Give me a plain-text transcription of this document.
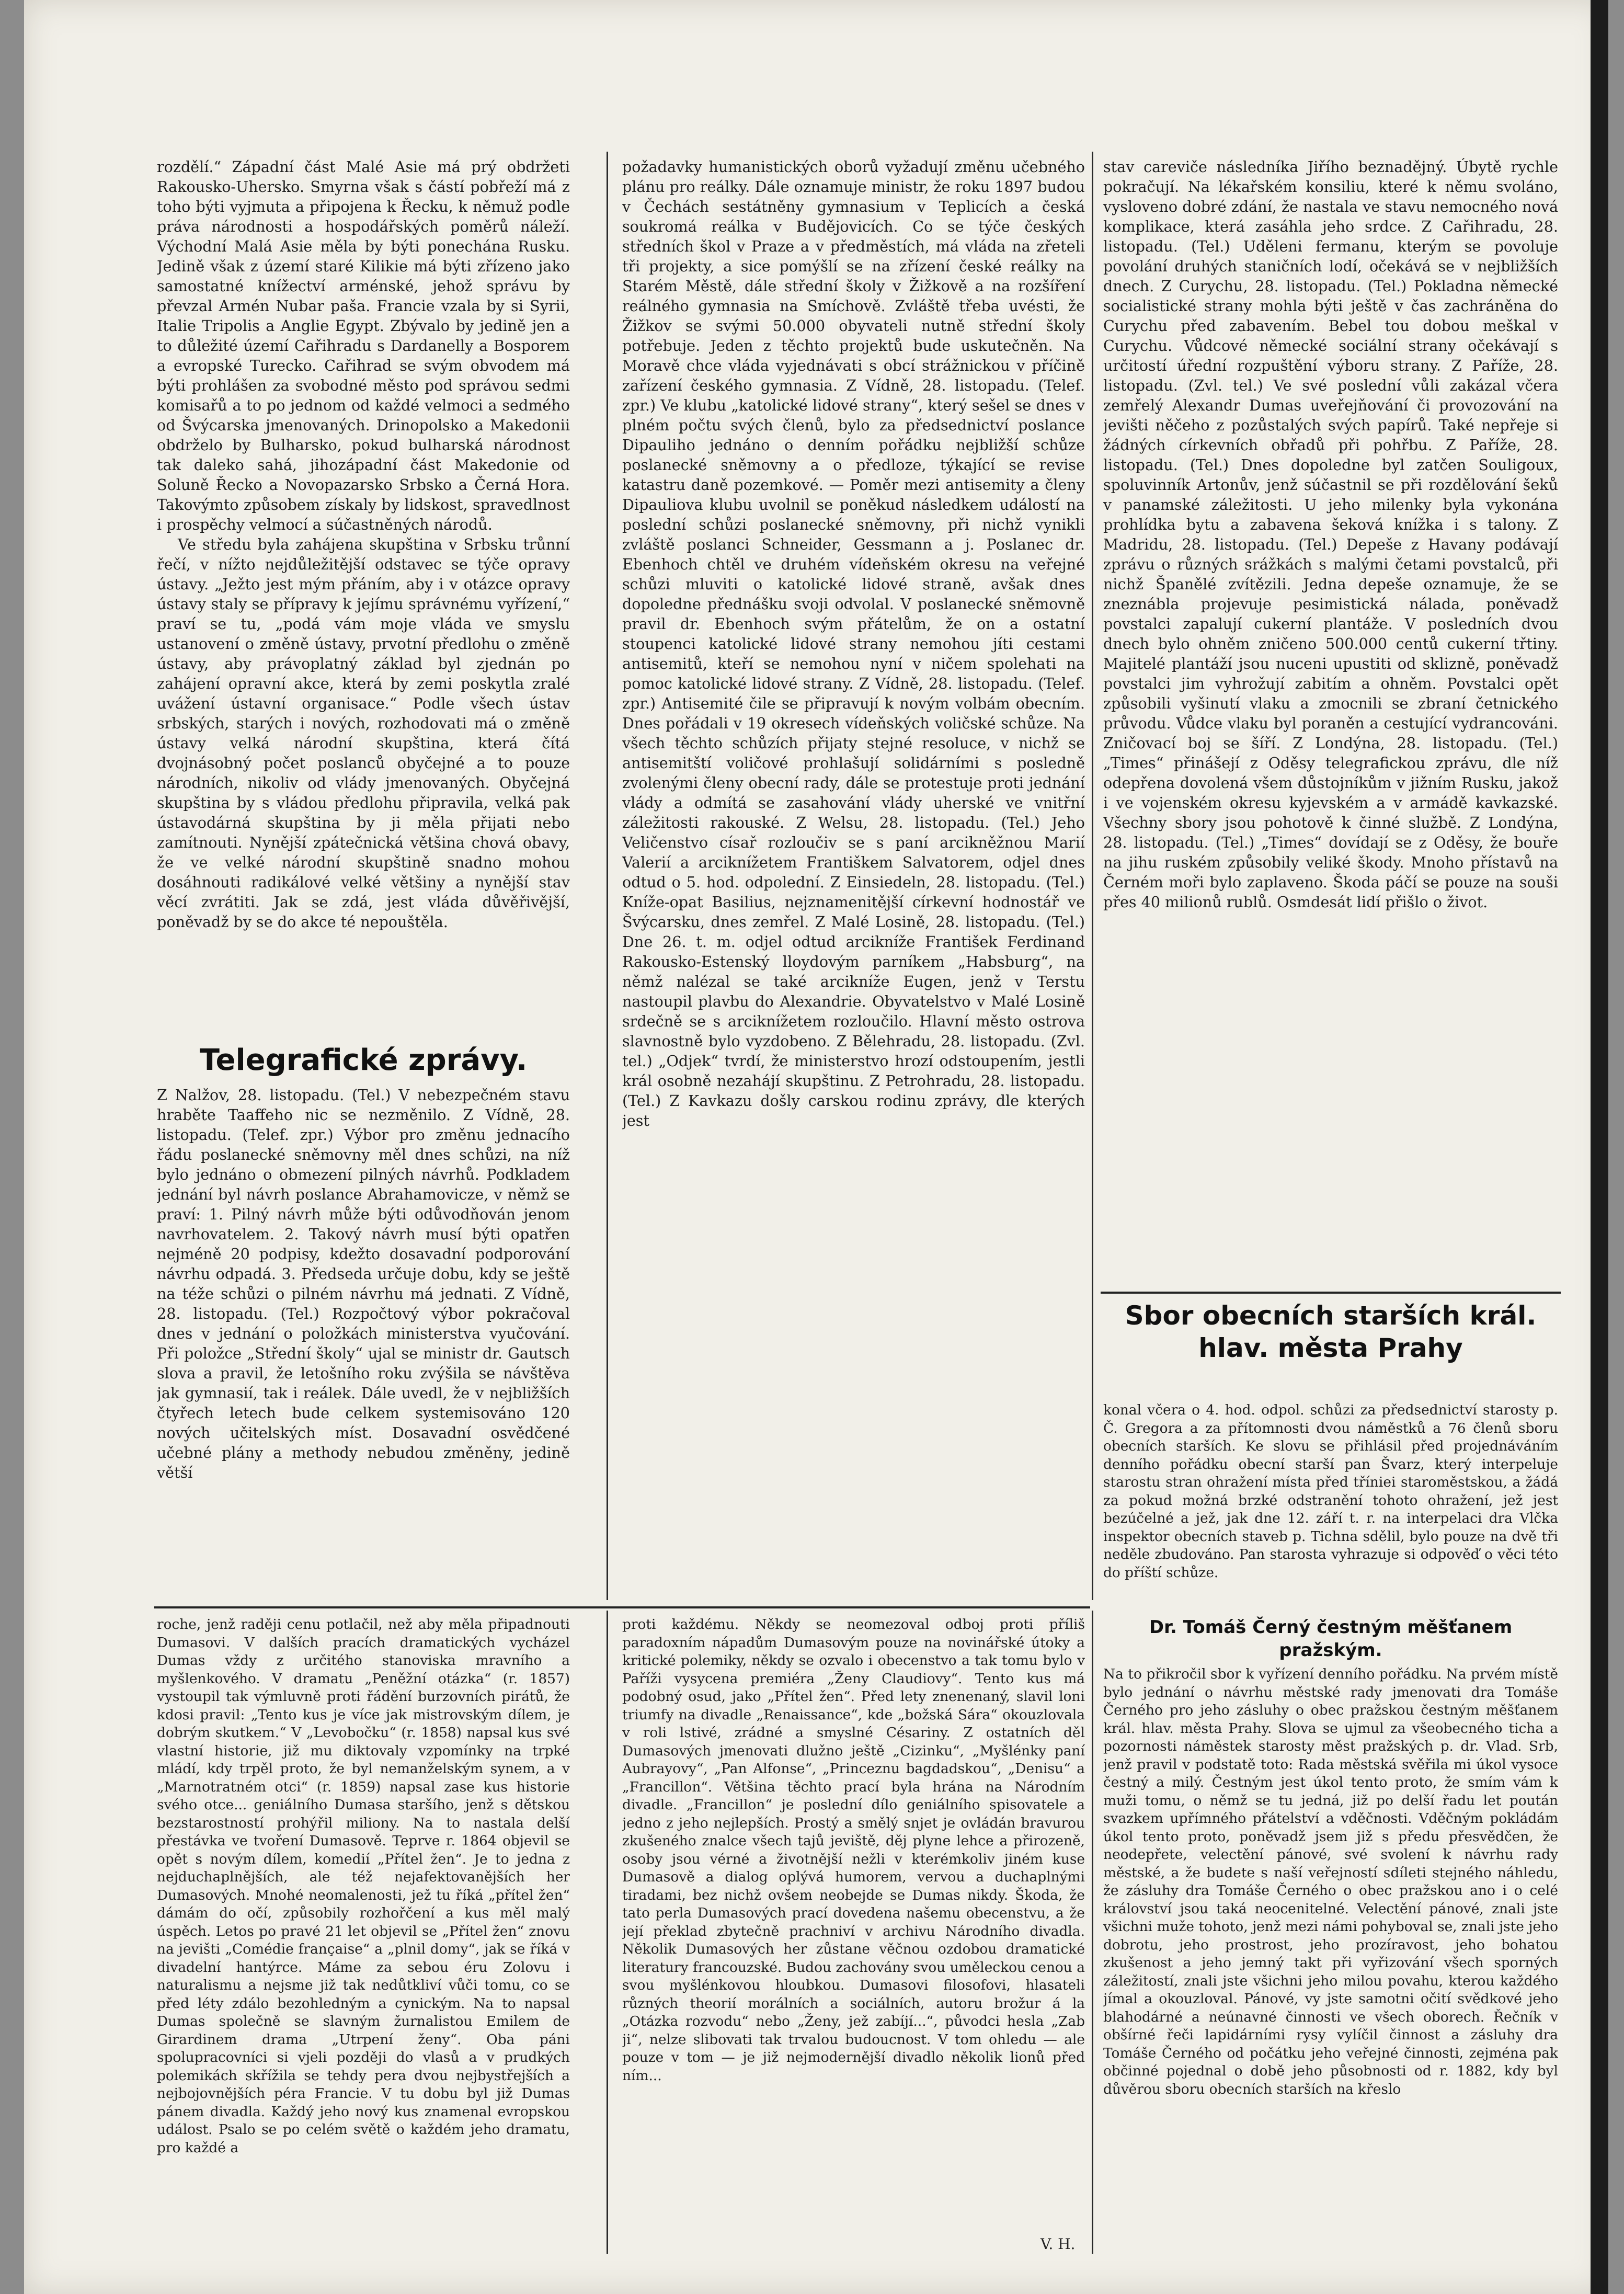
rozdělí.“ Západní část Malé Asie má prý obdržeti Rakousko-Uhersko. Smyrna však s částí pobřeží má z toho býti vyjmuta a připojena k Řecku, k němuž podle práva národnosti a hospodářských poměrů náleží. Východní Malá Asie měla by býti ponechána Rusku. Jedině však z území staré Kilikie má býti zřízeno jako samostatné knížectví arménské, jehož správu by převzal Armén Nubar paša. Francie vzala by si Syrii, Italie Tripolis a Anglie Egypt. Zbývalo by jedině jen a to důležité území Cařihradu s Dardanelly a Bosporem a evropské Turecko. Cařihrad se svým obvodem má býti prohlášen za svobodné město pod správou sedmi komisařů a to po jednom od každé velmoci a sedmého od Švýcarska jmenovaných. Drinopolsko a Makedonii obdrželo by Bulharsko, pokud bulharská národnost tak daleko sahá, jihozápadní část Makedonie od Soluně Řecko a Novopazarsko Srbsko a Černá Hora. Takovýmto způsobem získaly by lidskost, spravedlnost i prospěchy velmocí a súčastněných národů.

Ve středu byla zahájena skupština v Srbsku trůnní řečí, v nížto nejdůležitější odstavec se týče opravy ústavy. „Ježto jest mým přáním, aby i v otázce opravy ústavy staly se přípravy k jejímu správnému vyřízení,“ praví se tu, „podá vám moje vláda ve smyslu ustanovení o změně ústavy, prvotní předlohu o změně ústavy, aby právoplatný základ byl zjednán po zahájení opravní akce, která by zemi poskytla zralé uvážení ústavní organisace.“ Podle všech ústav srbských, starých i nových, rozhodovati má o změně ústavy velká národní skupština, která čítá dvojnásobný počet poslanců obyčejné a to pouze národních, nikoliv od vlády jmenovaných. Obyčejná skupština by s vládou předlohu připravila, velká pak ústavodárná skupština by ji měla přijati nebo zamítnouti. Nynější zpátečnická většina chová obavy, že ve velké národní skupštině snadno mohou dosáhnouti radikálové velké většiny a nynější stav věcí zvrátiti. Jak se zdá, jest vláda důvěřivější, poněvadž by se do akce té nepouštěla.

Telegrafické zprávy.

Z Nalžov, 28. listopadu. (Tel.) V nebezpečném stavu hraběte Taaffeho nic se nezměnilo. Z Vídně, 28. listopadu. (Telef. zpr.) Výbor pro změnu jednacího řádu poslanecké sněmovny měl dnes schůzi, na níž bylo jednáno o obmezení pilných návrhů. Podkladem jednání byl návrh poslance Abrahamovicze, v němž se praví: 1. Pilný návrh může býti odůvodňován jenom navrhovatelem. 2. Takový návrh musí býti opatřen nejméně 20 podpisy, kdežto dosavadní podporování návrhu odpadá. 3. Předseda určuje dobu, kdy se ještě na téže schůzi o pilném návrhu má jednati. Z Vídně, 28. listopadu. (Tel.) Rozpočtový výbor pokračoval dnes v jednání o položkách ministerstva vyučování. Při položce „Střední školy“ ujal se ministr dr. Gautsch slova a pravil, že letošního roku zvýšila se návštěva jak gymnasií, tak i reálek. Dále uvedl, že v nejbližších čtyřech letech bude celkem systemisováno 120 nových učitelských míst. Dosavadní osvědčené učebné plány a methody nebudou změněny, jedině větší

požadavky humanistických oborů vyžadují změnu učebného plánu pro reálky. Dále oznamuje ministr, že roku 1897 budou v Čechách sestátněny gymnasium v Teplicích a česká soukromá reálka v Budějovicích. Co se týče českých středních škol v Praze a v předměstích, má vláda na zřeteli tři projekty, a sice pomýšlí se na zřízení české reálky na Starém Městě, dále střední školy v Žižkově a na rozšíření reálného gymnasia na Smíchově. Zvláště třeba uvésti, že Žižkov se svými 50.000 obyvateli nutně střední školy potřebuje. Jeden z těchto projektů bude uskutečněn. Na Moravě chce vláda vyjednávati s obcí strážnickou v příčině zařízení českého gymnasia. Z Vídně, 28. listopadu. (Telef. zpr.) Ve klubu „katolické lidové strany“, který sešel se dnes v plném počtu svých členů, bylo za předsednictví poslance Dipauliho jednáno o denním pořádku nejbližší schůze poslanecké sněmovny a o předloze, týkající se revise katastru daně pozemkové. — Poměr mezi antisemity a členy Dipauliova klubu uvolnil se poněkud následkem událostí na poslední schůzi poslanecké sněmovny, při nichž vynikli zvláště poslanci Schneider, Gessmann a j. Poslanec dr. Ebenhoch chtěl ve druhém vídeňském okresu na veřejné schůzi mluviti o katolické lidové straně, avšak dnes dopoledne přednášku svoji odvolal. V poslanecké sněmovně pravil dr. Ebenhoch svým přátelům, že on a ostatní stoupenci katolické lidové strany nemohou jíti cestami antisemitů, kteří se nemohou nyní v ničem spolehati na pomoc katolické lidové strany. Z Vídně, 28. listopadu. (Telef. zpr.) Antisemité čile se připravují k novým volbám obecním. Dnes pořádali v 19 okresech vídeňských voličské schůze. Na všech těchto schůzích přijaty stejné resoluce, v nichž se antisemitští voličové prohlašují solidárními s posledně zvolenými členy obecní rady, dále se protestuje proti jednání vlády a odmítá se zasahování vlády uherské ve vnitřní záležitosti rakouské. Z Welsu, 28. listopadu. (Tel.) Jeho Veličenstvo císař rozloučiv se s paní arcikněžnou Marií Valerií a arciknížetem Františkem Salvatorem, odjel dnes odtud o 5. hod. odpolední. Z Einsiedeln, 28. listopadu. (Tel.) Kníže-opat Basilius, nejznamenitější církevní hodnostář ve Švýcarsku, dnes zemřel. Z Malé Losině, 28. listopadu. (Tel.) Dne 26. t. m. odjel odtud arcikníže František Ferdinand Rakousko-Estenský lloydovým parníkem „Habsburg“, na němž nalézal se také arcikníže Eugen, jenž v Terstu nastoupil plavbu do Alexandrie. Obyvatelstvo v Malé Losině srdečně se s arciknížetem rozloučilo. Hlavní město ostrova slavnostně bylo vyzdobeno. Z Bělehradu, 28. listopadu. (Zvl. tel.) „Odjek“ tvrdí, že ministerstvo hrozí odstoupením, jestli král osobně nezahájí skupštinu. Z Petrohradu, 28. listopadu. (Tel.) Z Kavkazu došly carskou rodinu zprávy, dle kterých jest

stav careviče následníka Jiřího beznadějný. Úbytě rychle pokračují. Na lékařském konsiliu, které k němu svoláno, vysloveno dobré zdání, že nastala ve stavu nemocného nová komplikace, která zasáhla jeho srdce. Z Cařihradu, 28. listopadu. (Tel.) Uděleni fermanu, kterým se povoluje povolání druhých staničních lodí, očekává se v nejbližších dnech. Z Curychu, 28. listopadu. (Tel.) Pokladna německé socialistické strany mohla býti ještě v čas zachráněna do Curychu před zabavením. Bebel tou dobou meškal v Curychu. Vůdcové německé sociální strany očekávají s určitostí úřední rozpuštění výboru strany. Z Paříže, 28. listopadu. (Zvl. tel.) Ve své poslední vůli zakázal včera zemřelý Alexandr Dumas uveřejňování či provozování na jevišti něčeho z pozůstalých svých papírů. Také nepřeje si žádných církevních obřadů při pohřbu. Z Paříže, 28. listopadu. (Tel.) Dnes dopoledne byl zatčen Souligoux, spoluvinník Artonův, jenž súčastnil se při rozdělování šeků v panamské záležitosti. U jeho milenky byla vykonána prohlídka bytu a zabavena šeková knížka i s talony. Z Madridu, 28. listopadu. (Tel.) Depeše z Havany podávají zprávu o různých srážkách s malými četami povstalců, při nichž Španělé zvítězili. Jedna depeše oznamuje, že se zneznábla projevuje pesimistická nálada, poněvadž povstalci zapalují cukerní plantáže. V posledních dvou dnech bylo ohněm zničeno 500.000 centů cukerní třtiny. Majitelé plantáží jsou nuceni upustiti od sklizně, poněvadž povstalci jim vyhrožují zabitím a ohněm. Povstalci opět způsobili vyšinutí vlaku a zmocnili se zbraní četnického průvodu. Vůdce vlaku byl poraněn a cestující vydrancováni. Zničovací boj se šíří. Z Londýna, 28. listopadu. (Tel.) „Times“ přinášejí z Oděsy telegrafickou zprávu, dle níž odepřena dovolená všem důstojníkům v jižním Rusku, jakož i ve vojenském okresu kyjevském a v armádě kavkazské. Všechny sbory jsou pohotově k činné službě. Z Londýna, 28. listopadu. (Tel.) „Times“ dovídají se z Oděsy, že bouře na jihu ruském způsobily veliké škody. Mnoho přístavů na Černém moři bylo zaplaveno. Škoda páčí se pouze na souši přes 40 milionů rublů. Osmdesát lidí přišlo o život.

Sbor obecních starších král. hlav. města Prahy

konal včera o 4. hod. odpol. schůzi za předsednictví starosty p. Č. Gregora a za přítomnosti dvou náměstků a 76 členů sboru obecních starších. Ke slovu se přihlásil před projednáváním denního pořádku obecní starší pan Švarz, který interpeluje starostu stran ohražení místa před tříniei staroměstskou, a žádá za pokud možná brzké odstranění tohoto ohražení, jež jest bezúčelné a jež, jak dne 12. září t. r. na interpelaci dra Vlčka inspektor obecních staveb p. Tichna sdělil, bylo pouze na dvě tři neděle zbudováno. Pan starosta vyhrazuje si odpověď o věci této do příští schůze.

roche, jenž raději cenu potlačil, než aby měla připadnouti Dumasovi. V dalších pracích dramatických vycházel Dumas vždy z určitého stanoviska mravního a myšlenkového. V dramatu „Peněžní otázka“ (r. 1857) vystoupil tak výmluvně proti řádění burzovních pirátů, že kdosi pravil: „Tento kus je více jak mistrovským dílem, je dobrým skutkem.“ V „Levobočku“ (r. 1858) napsal kus své vlastní historie, již mu diktovaly vzpomínky na trpké mládí, kdy trpěl proto, že byl nemanželským synem, a v „Marnotratném otci“ (r. 1859) napsal zase kus historie svého otce... geniálního Dumasa staršího, jenž s dětskou bezstarostností prohýřil miliony. Na to nastala delší přestávka ve tvoření Dumasově. Teprve r. 1864 objevil se opět s novým dílem, komedií „Přítel žen“. Je to jedna z nejduchaplnějších, ale též nejafektovanějších her Dumasových. Mnohé neomalenosti, jež tu říká „přítel žen“ dámám do očí, způsobily rozhořčení a kus měl malý úspěch. Letos po pravé 21 let objevil se „Přítel žen“ znovu na jevišti „Comédie française“ a „plnil domy“, jak se říká v divadelní hantýrce. Máme za sebou éru Zolovu i naturalismu a nejsme již tak nedůtkliví vůči tomu, co se před léty zdálo bezohledným a cynickým. Na to napsal Dumas společně se slavným žurnalistou Emilem de Girardinem drama „Utrpení ženy“. Oba páni spolupracovníci si vjeli později do vlasů a v prudkých polemikách skřížila se tehdy pera dvou nejbystřejších a nejbojovnějších péra Francie. V tu dobu byl již Dumas pánem divadla. Každý jeho nový kus znamenal evropskou událost. Psalo se po celém světě o každém jeho dramatu, pro každé a

proti každému. Někdy se neomezoval odboj proti příliš paradoxním nápadům Dumasovým pouze na novinářské útoky a kritické polemiky, někdy se ozvalo i obecenstvo a tak tomu bylo v Paříži vysycena premiéra „Ženy Claudiovy“. Tento kus má podobný osud, jako „Přítel žen“. Před lety znenenaný, slavil loni triumfy na divadle „Renaissance“, kde „božská Sára“ okouzlovala v roli lstivé, zrádné a smyslné Césariny. Z ostatních děl Dumasových jmenovati dlužno ještě „Cizinku“, „Myšlénky paní Aubrayovy“, „Pan Alfonse“, „Princeznu bagdadskou“, „Denisu“ a „Francillon“. Většina těchto prací byla hrána na Národním divadle. „Francillon“ je poslední dílo geniálního spisovatele a jedno z jeho nejlepších. Prostý a smělý snjet je ovládán bravurou zkušeného znalce všech tajů jeviště, děj plyne lehce a přirozeně, osoby jsou vérné a životnější nežli v kterémkoliv jiném kuse Dumasově a dialog oplývá humorem, vervou a duchaplnými tiradami, bez nichž ovšem neobejde se Dumas nikdy. Škoda, že tato perla Dumasových prací dovedena našemu obecenstvu, a že její překlad zbytečně prachniví v archivu Národního divadla. Několik Dumasových her zůstane věčnou ozdobou dramatické literatury francouzské. Budou zachovány svou uměleckou cenou a svou myšlénkovou hloubkou. Dumasovi filosofovi, hlasateli různých theorií morálních a sociálních, autoru brožur á la „Otázka rozvodu“ nebo „Ženy, jež zabíjí...“, původci hesla „Zab ji“, nelze slibovati tak trvalou budoucnost. V tom ohledu — ale pouze v tom — je již nejmodernější divadlo několik lionů před ním...

V. H.
Dr. Tomáš Černý čestným měšťanem pražským.

Na to přikročil sbor k vyřízení denního pořádku. Na prvém místě bylo jednání o návrhu městské rady jmenovati dra Tomáše Černého pro jeho zásluhy o obec pražskou čestným měšťanem král. hlav. města Prahy. Slova se ujmul za všeobecného ticha a pozornosti náměstek starosty měst pražských p. dr. Vlad. Srb, jenž pravil v podstatě toto: Rada městská svěřila mi úkol vysoce čestný a milý. Čestným jest úkol tento proto, že smím vám k muži tomu, o němž se tu jedná, již po delší řadu let poután svazkem upřímného přátelství a vděčnosti. Vděčným pokládám úkol tento proto, poněvadž jsem již s předu přesvědčen, že neodepřete, velectění pánové, své svolení k návrhu rady městské, a že budete s naší veřejností sdíleti stejného náhledu, že zásluhy dra Tomáše Černého o obec pražskou ano i o celé království jsou taká neocenitelné. Velectění pánové, znali jste všichni muže tohoto, jenž mezi námi pohyboval se, znali jste jeho dobrotu, jeho prostrost, jeho prozíravost, jeho bohatou zkušenost a jeho jemný takt při vyřizování všech sporných záležitostí, znali jste všichni jeho milou povahu, kterou každého jímal a okouzloval. Pánové, vy jste samotni očití svědkové jeho blahodárné a neúnavné činnosti ve všech oborech. Řečník v obšírné řeči lapidárními rysy vylíčil činnost a zásluhy dra Tomáše Černého od počátku jeho veřejné činnosti, zejména pak občinné pojednal o době jeho působnosti od r. 1882, kdy byl důvěrou sboru obecních starších na křeslo
